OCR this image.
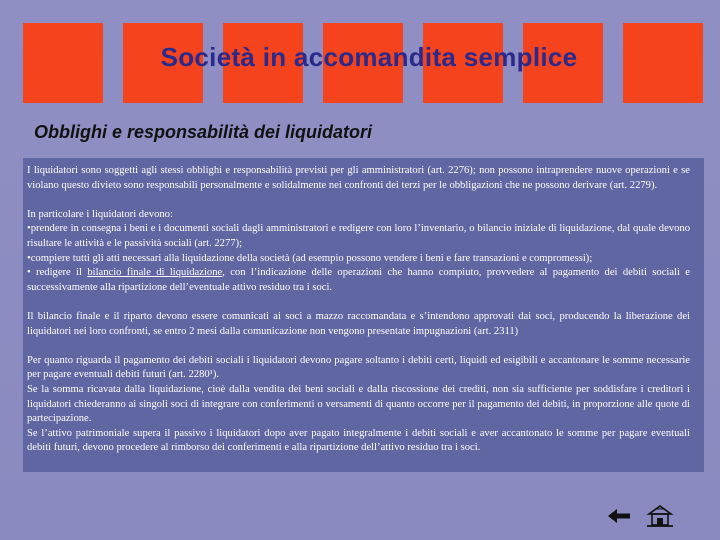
Società in accomandita semplice
Obblighi e responsabilità dei liquidatori

I liquidatori sono soggetti agli stessi obblighi e responsabilità previsti per gli amministratori (art. 2276); non possono intraprendere nuove operazioni e se violano questo divieto sono responsabili personalmente e solidalmente nei confronti dei terzi per le obbligazioni che ne possono derivare (art. 2279).

In particolare i liquidatori devono:
•prendere in consegna i beni e i documenti sociali dagli amministratori e redigere con loro l’inventario, o bilancio iniziale di liquidazione, dal quale devono risultare le attività e le passività sociali (art. 2277);
•compiere tutti gli atti necessari alla liquidazione della società (ad esempio possono vendere i beni e fare transazioni e compromessi);
• redigere il bilancio finale di liquidazione, con l’indicazione delle operazioni che hanno compiuto, provvedere al pagamento dei debiti sociali e successivamente alla ripartizione dell’eventuale attivo residuo tra i soci.

Il bilancio finale e il riparto devono essere comunicati ai soci a mazzo raccomandata e s’intendono approvati dai soci, producendo la liberazione dei liquidatori nei loro confronti, se entro 2 mesi dalla comunicazione non vengono presentate impugnazioni (art. 2311)

Per quanto riguarda il pagamento dei debiti sociali i liquidatori devono pagare soltanto i debiti certi, liquidi ed esigibili e accantonare le somme necessarie per pagare eventuali debiti futuri (art. 2280¹).
Se la somma ricavata dalla liquidazione, cioè dalla vendita dei beni sociali e dalla riscossione dei crediti, non sia sufficiente per soddisfare i creditori i liquidatori chiederanno ai singoli soci di integrare con conferimenti o versamenti di quanto occorre per il pagamento dei debiti, in proporzione alle quote di partecipazione.
Se l’attivo patrimoniale supera il passivo i liquidatori dopo aver pagato integralmente i debiti sociali e aver accantonato le somme per pagare eventuali debiti futuri, devono procedere al rimborso dei conferimenti e alla ripartizione dell’attivo residuo tra i soci.
